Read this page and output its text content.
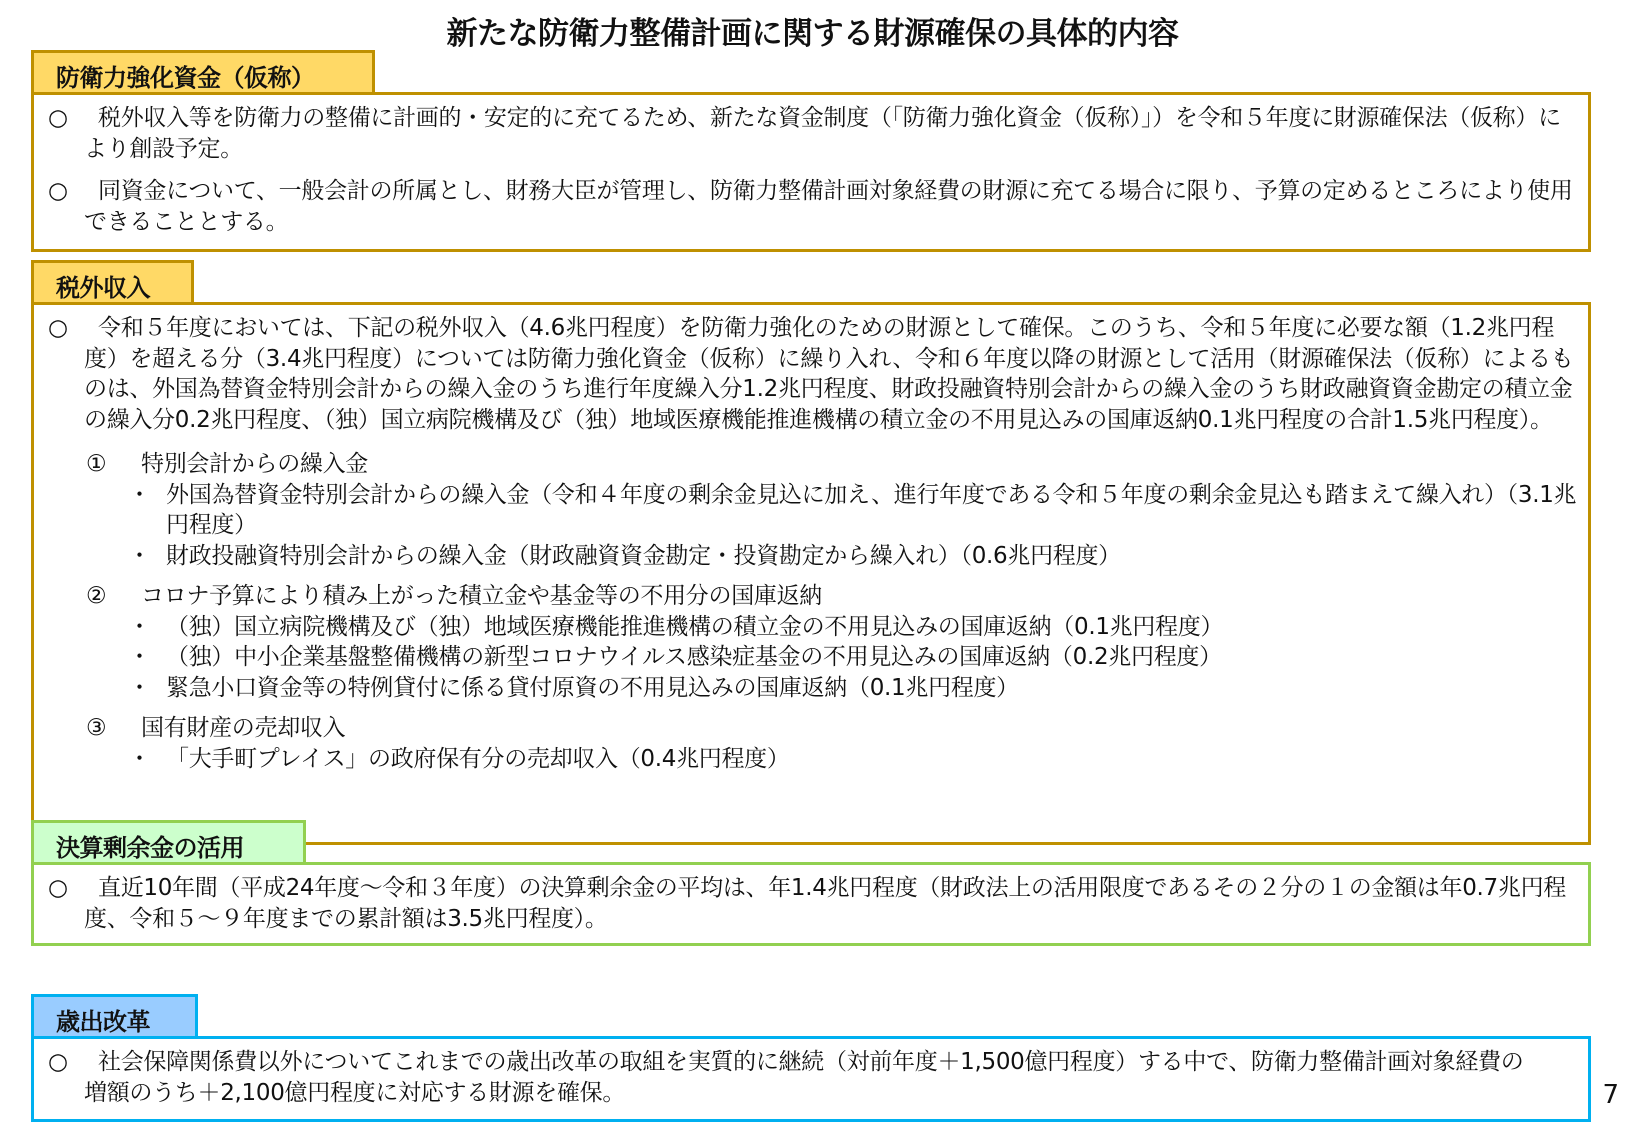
新たな防衛力整備計画に関する財源確保の具体的内容
防衛力強化資金（仮称）
○ 税外収入等を防衛力の整備に計画的・安定的に充てるため、新たな資金制度（「防衛力強化資金（仮称）」）を令和５年度に財源確保法（仮称）により創設予定。
○ 同資金について、一般会計の所属とし、財務大臣が管理し、防衛力整備計画対象経費の財源に充てる場合に限り、予算の定めるところにより使用できることとする。
税外収入
○ 令和５年度においては、下記の税外収入（4.6兆円程度）を防衛力強化のための財源として確保。このうち、令和５年度に必要な額（1.2兆円程度）を超える分（3.4兆円程度）については防衛力強化資金（仮称）に繰り入れ、令和６年度以降の財源として活用（財源確保法（仮称）によるものは、外国為替資金特別会計からの繰入金のうち進行年度繰入分1.2兆円程度、財政投融資特別会計からの繰入金のうち財政融資資金勘定の積立金の繰入分0.2兆円程度、（独）国立病院機構及び（独）地域医療機能推進機構の積立金の不用見込みの国庫返納0.1兆円程度の合計1.5兆円程度）。
① 特別会計からの繰入金
・ 外国為替資金特別会計からの繰入金（令和４年度の剰余金見込に加え、進行年度である令和５年度の剰余金見込も踏まえて繰入れ）（3.1兆円程度）
・ 財政投融資特別会計からの繰入金（財政融資資金勘定・投資勘定から繰入れ）（0.6兆円程度）
② コロナ予算により積み上がった積立金や基金等の不用分の国庫返納
・ （独）国立病院機構及び（独）地域医療機能推進機構の積立金の不用見込みの国庫返納（0.1兆円程度）
・ （独）中小企業基盤整備機構の新型コロナウイルス感染症基金の不用見込みの国庫返納（0.2兆円程度）
・ 緊急小口資金等の特例貸付に係る貸付原資の不用見込みの国庫返納（0.1兆円程度）
③ 国有財産の売却収入
・ 「大手町プレイス」の政府保有分の売却収入（0.4兆円程度）
決算剰余金の活用
○ 直近10年間（平成24年度～令和３年度）の決算剰余金の平均は、年1.4兆円程度（財政法上の活用限度であるその２分の１の金額は年0.7兆円程度、令和５～９年度までの累計額は3.5兆円程度）。
歳出改革
○ 社会保障関係費以外についてこれまでの歳出改革の取組を実質的に継続（対前年度＋1,500億円程度）する中で、防衛力整備計画対象経費の増額のうち＋2,100億円程度に対応する財源を確保。	7
